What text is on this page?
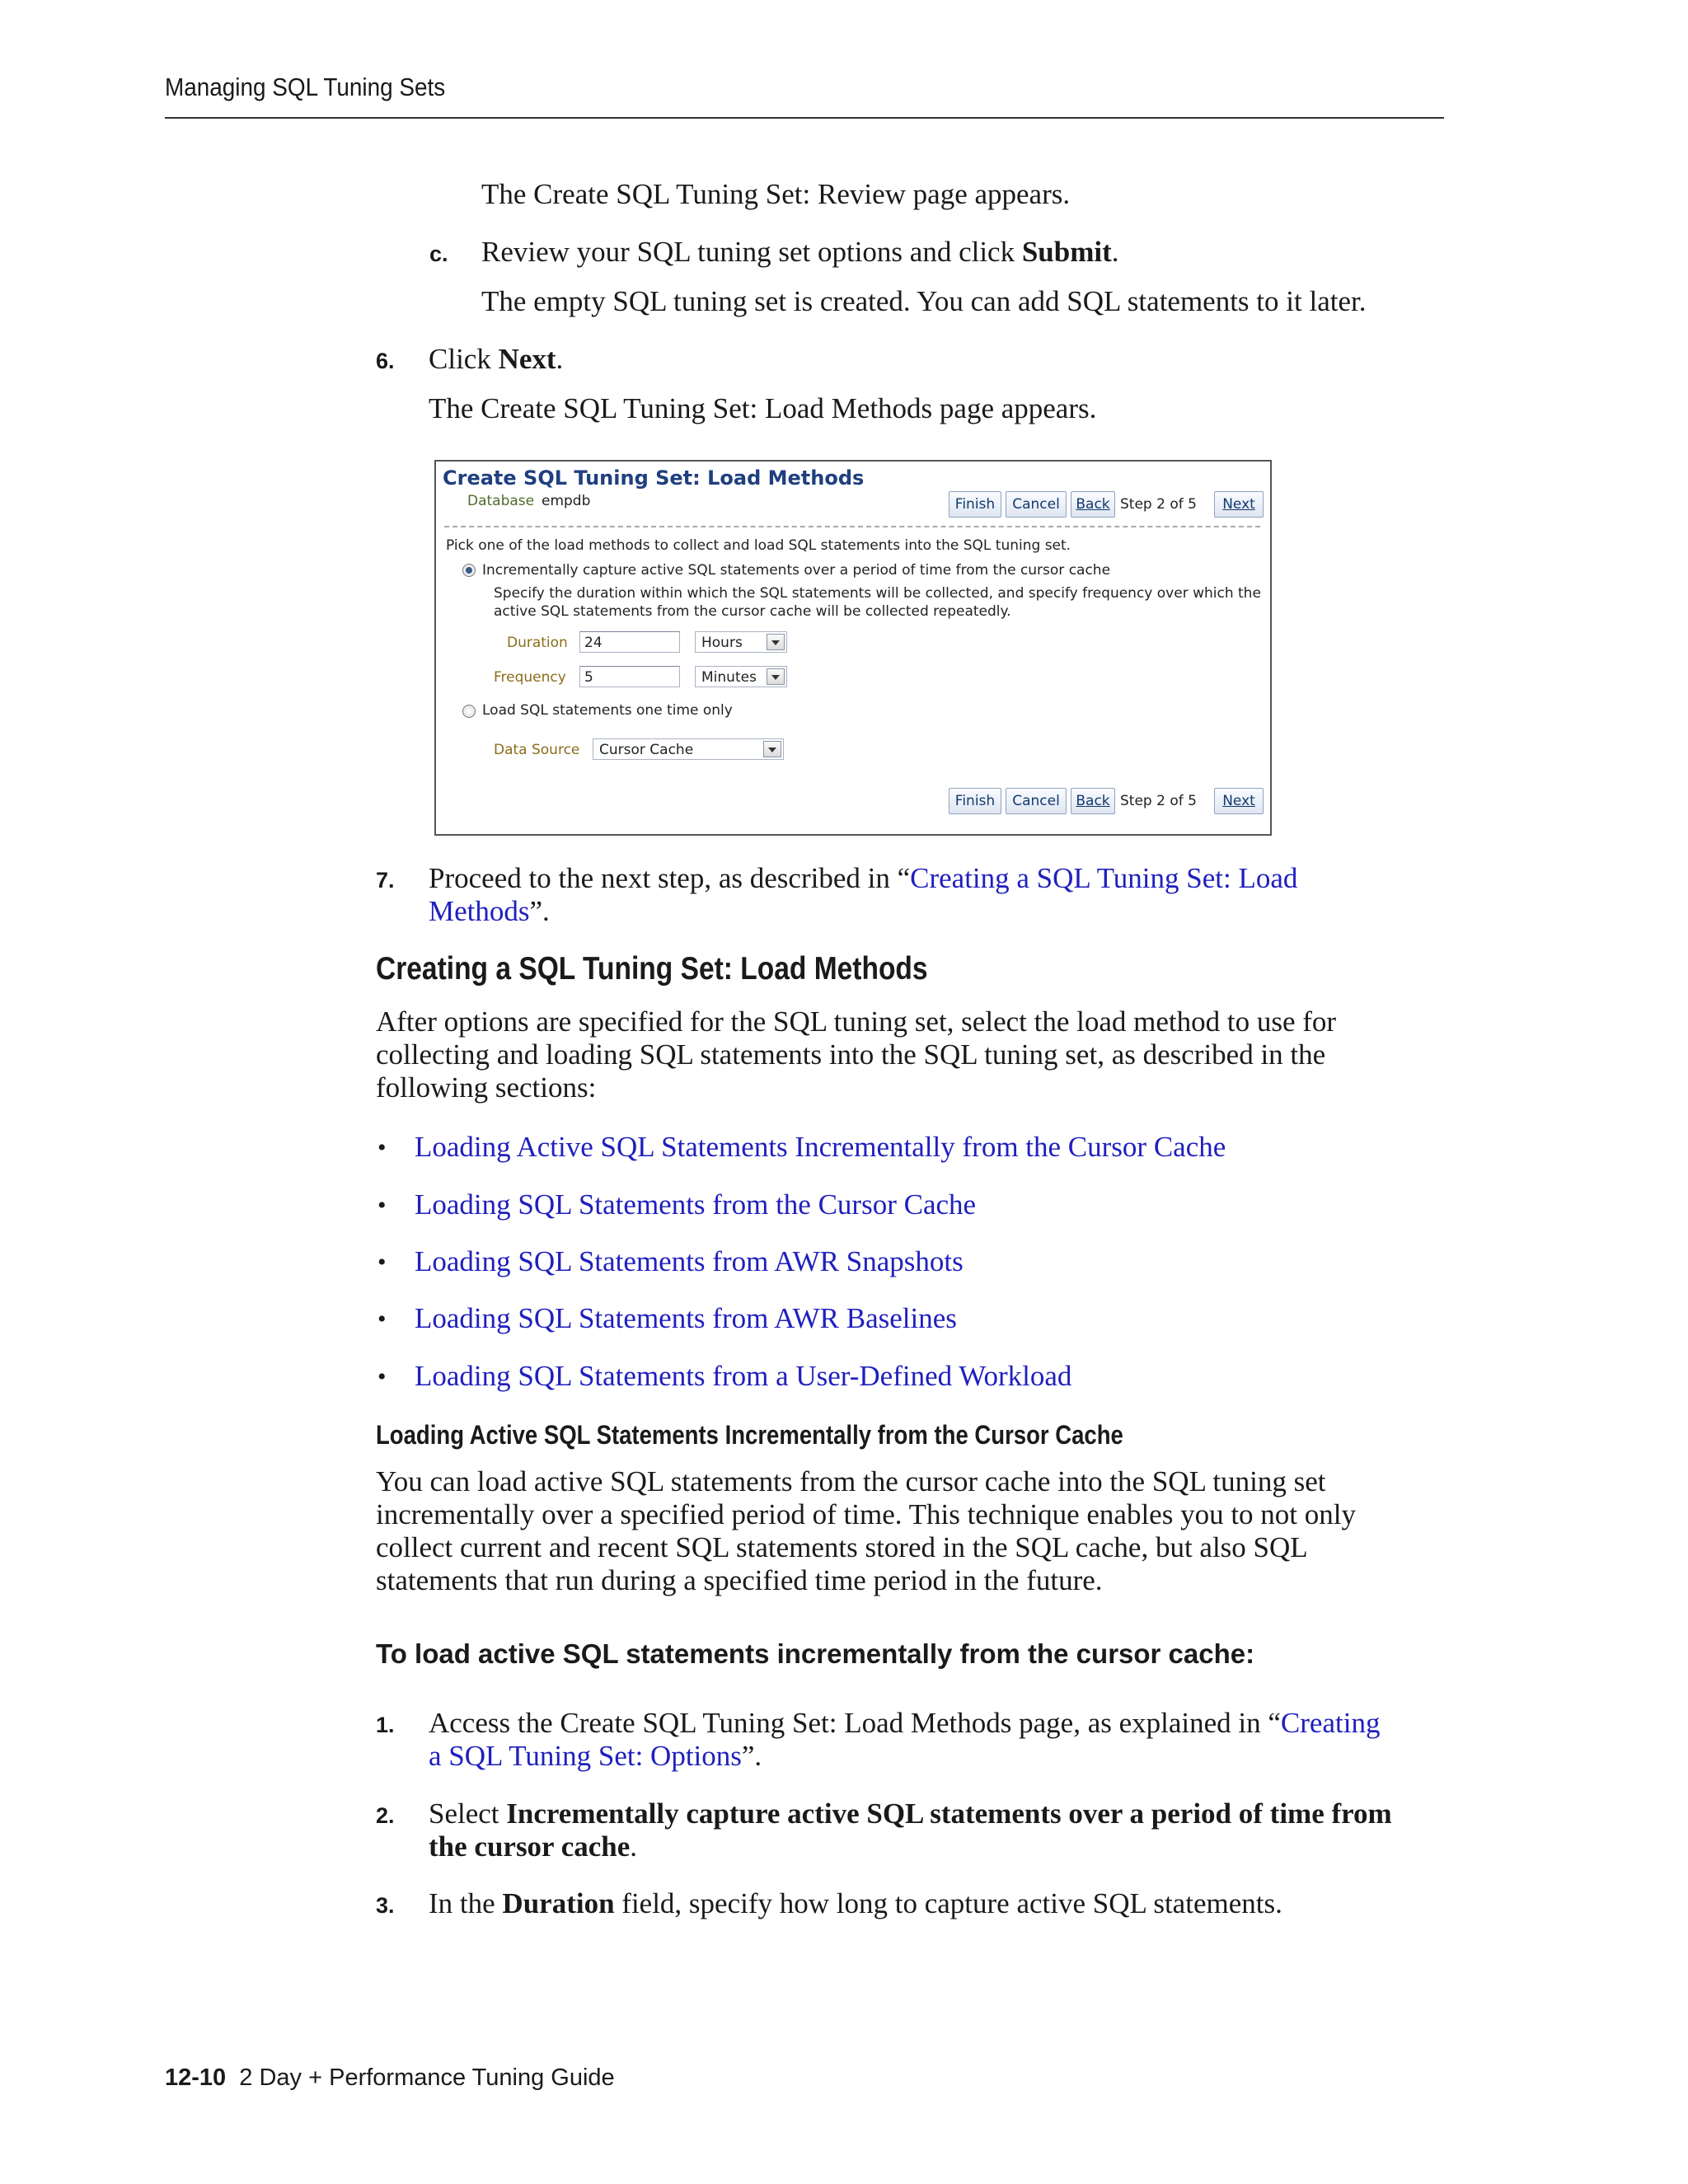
Managing SQL Tuning Sets
The Create SQL Tuning Set: Review page appears.
c. Review your SQL tuning set options and click Submit.
The empty SQL tuning set is created. You can add SQL statements to it later.
6. Click Next.
The Create SQL Tuning Set: Load Methods page appears.
Create SQL Tuning Set: Load Methods
Database empdb	Finish	Cancel	Back Step 2 of 5	Next
Pick one of the load methods to collect and load SQL statements into the SQL tuning set.
Incrementally capture active SQL statements over a period of time from the cursor cache
Specify the duration within which the SQL statements will be collected, and specify frequency over which the
active SQL statements from the cursor cache will be collected repeatedly.
Duration	24	Hours
Frequency	5	Minutes
Load SQL statements one time only
Data Source	Cursor Cache
Finish	Cancel	Back Step 2 of 5	Next
7. Proceed to the next step, as described in “Creating a SQL Tuning Set: Load
Methods”.
Creating a SQL Tuning Set: Load Methods
After options are specified for the SQL tuning set, select the load method to use for
collecting and loading SQL statements into the SQL tuning set, as described in the
following sections:
• Loading Active SQL Statements Incrementally from the Cursor Cache
• Loading SQL Statements from the Cursor Cache
• Loading SQL Statements from AWR Snapshots
• Loading SQL Statements from AWR Baselines
• Loading SQL Statements from a User-Defined Workload
Loading Active SQL Statements Incrementally from the Cursor Cache
You can load active SQL statements from the cursor cache into the SQL tuning set
incrementally over a specified period of time. This technique enables you to not only
collect current and recent SQL statements stored in the SQL cache, but also SQL
statements that run during a specified time period in the future.
To load active SQL statements incrementally from the cursor cache:
1. Access the Create SQL Tuning Set: Load Methods page, as explained in “Creating
a SQL Tuning Set: Options”.
2. Select Incrementally capture active SQL statements over a period of time from
the cursor cache.
3. In the Duration field, specify how long to capture active SQL statements.
12-10 2 Day + Performance Tuning Guide
